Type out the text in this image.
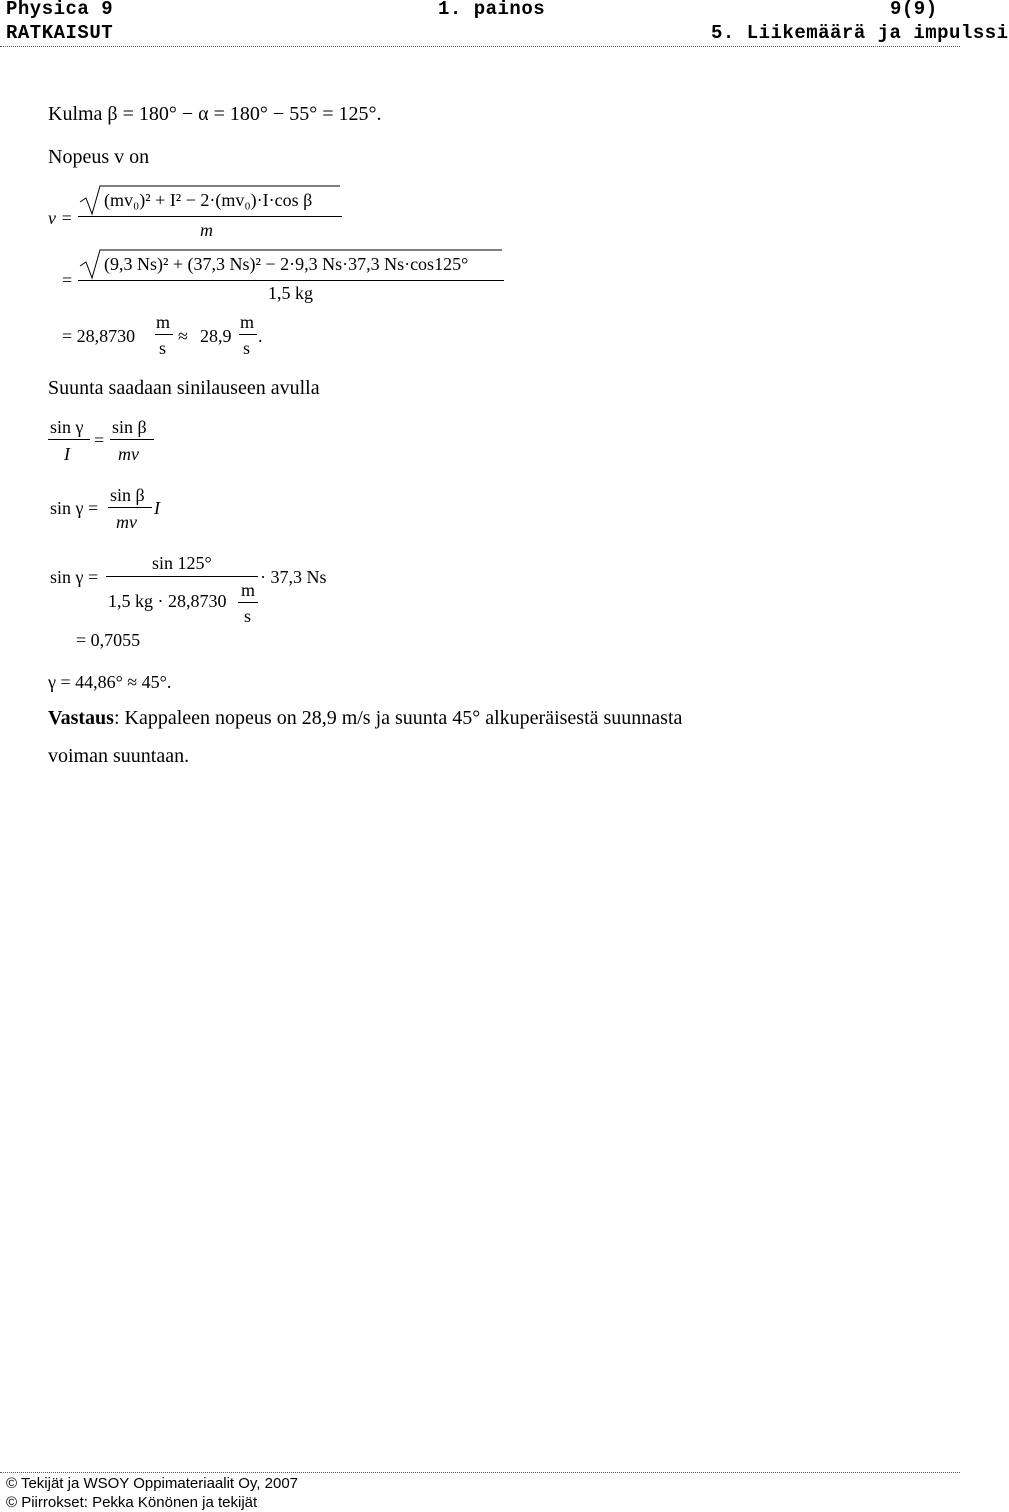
Physica 9	1. painos	9(9)
RATKAISUT	5. Liikemäärä ja impulssi
Kulma β = 180° − α = 180° − 55° = 125°.
Nopeus v on
v =
(mv₀)² + I² − 2·(mv₀)·I·cos β
m
=
(9,3 Ns)² + (37,3 Ns)² − 2·9,3 Ns·37,3 Ns·cos125°
1,5 kg
= 28,8730
m
s
≈ 28,9
m
s
.
Suunta saadaan sinilauseen avulla
sin γ
I
=
sin β
mv
sin γ =
sin β
mv
I
sin γ =
sin 125°
1,5 kg · 28,8730
m
s
· 37,3 Ns
= 0,7055
γ = 44,86° ≈ 45°.
Vastaus: Kappaleen nopeus on 28,9 m/s ja suunta 45° alkuperäisestä suunnasta
voiman suuntaan.
© Tekijät ja WSOY Oppimateriaalit Oy, 2007
© Piirrokset: Pekka Könönen ja tekijät
